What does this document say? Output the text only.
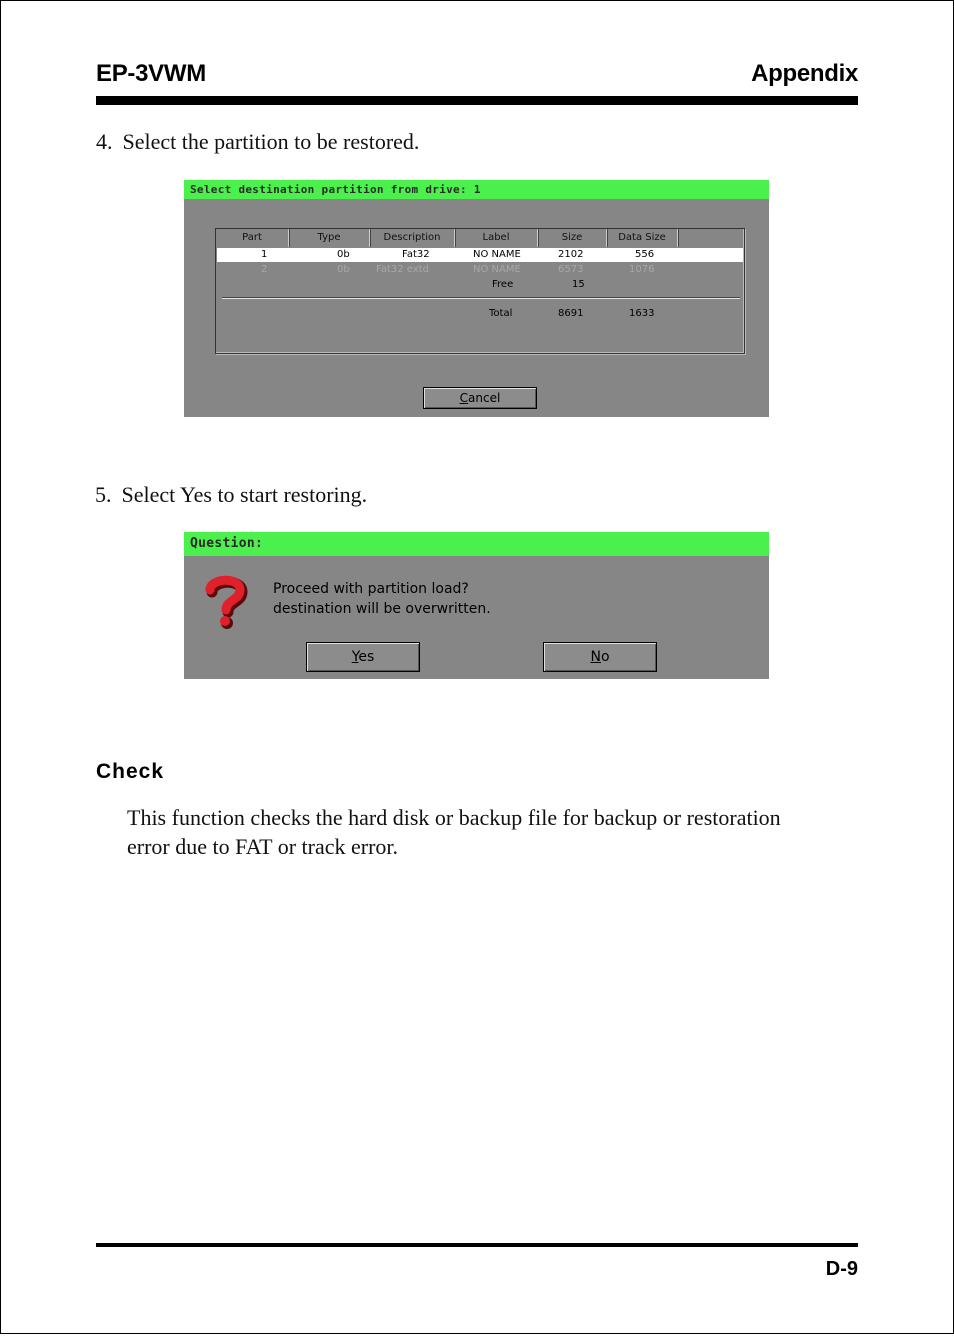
EP-3VWM	Appendix
4. Select the partition to be restored.
Select destination partition from drive: 1
Part	Type	Description	Label	Size	Data Size
1	0b	Fat32	NO NAME	2102	556
2	0b	Fat32 extd	NO NAME	6573	1076
Free	15
Total	8691	1633
Cancel
5. Select Yes to start restoring.
Question:
Proceed with partition load?
destination will be overwritten.
Yes	No
Check
This function checks the hard disk or backup file for backup or restoration error due to FAT or track error.
D-9
